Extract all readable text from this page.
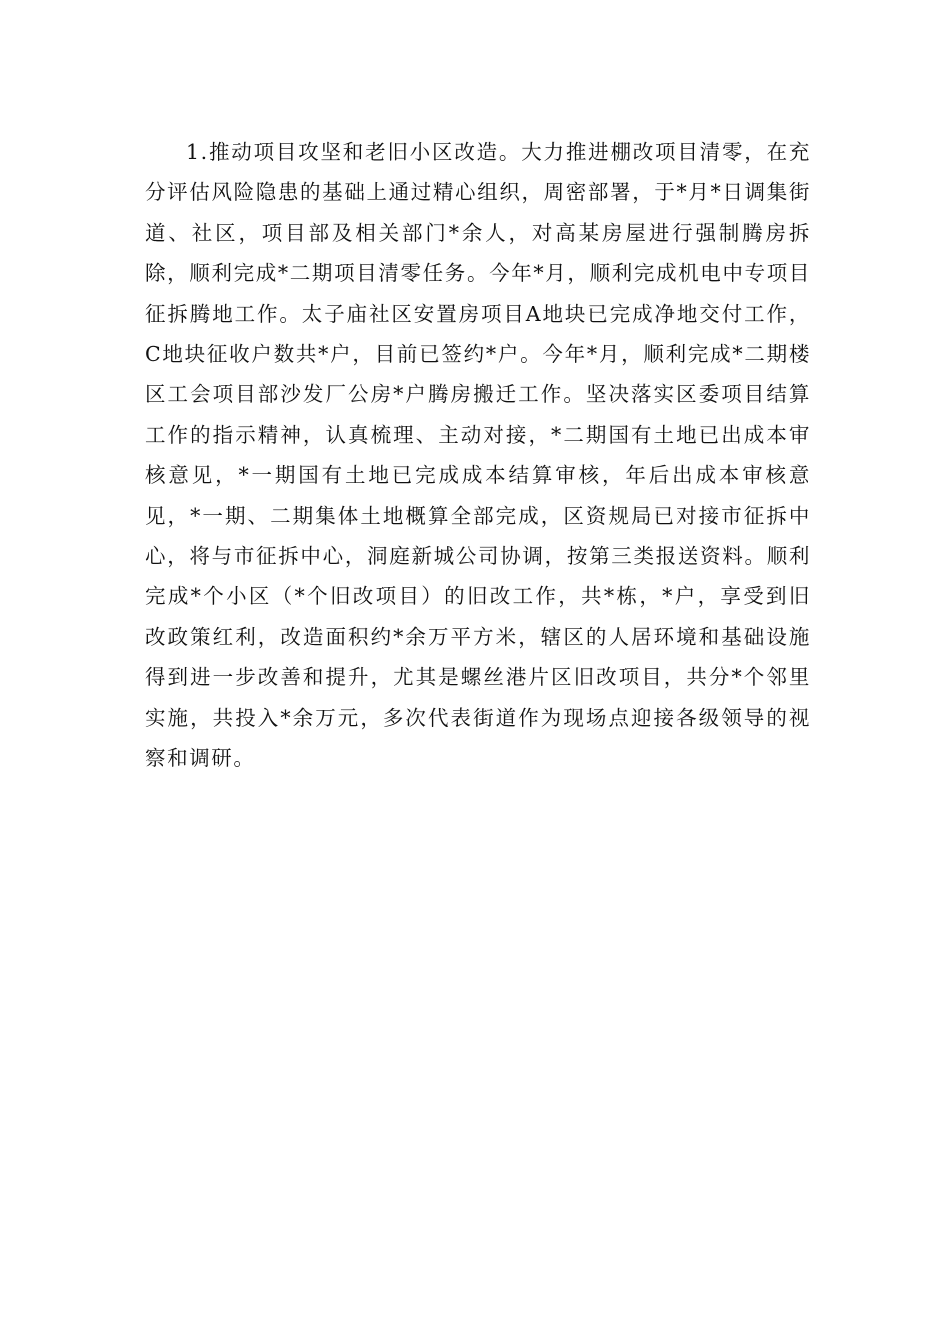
1.推动项目攻坚和老旧小区改造。大力推进棚改项目清零，在充分评估风险隐患的基础上通过精心组织，周密部署，于*月*日调集街道、社区，项目部及相关部门*余人，对高某房屋进行强制腾房拆除，顺利完成*二期项目清零任务。今年*月，顺利完成机电中专项目征拆腾地工作。太子庙社区安置房项目A地块已完成净地交付工作，C地块征收户数共*户，目前已签约*户。今年*月，顺利完成*二期楼区工会项目部沙发厂公房*户腾房搬迁工作。坚决落实区委项目结算工作的指示精神，认真梳理、主动对接，*二期国有土地已出成本审核意见，*一期国有土地已完成成本结算审核，年后出成本审核意见，*一期、二期集体土地概算全部完成，区资规局已对接市征拆中心，将与市征拆中心，洞庭新城公司协调，按第三类报送资料。顺利完成*个小区（*个旧改项目）的旧改工作，共*栋，*户，享受到旧改政策红利，改造面积约*余万平方米，辖区的人居环境和基础设施得到进一步改善和提升，尤其是螺丝港片区旧改项目，共分*个邻里实施，共投入*余万元，多次代表街道作为现场点迎接各级领导的视察和调研。
